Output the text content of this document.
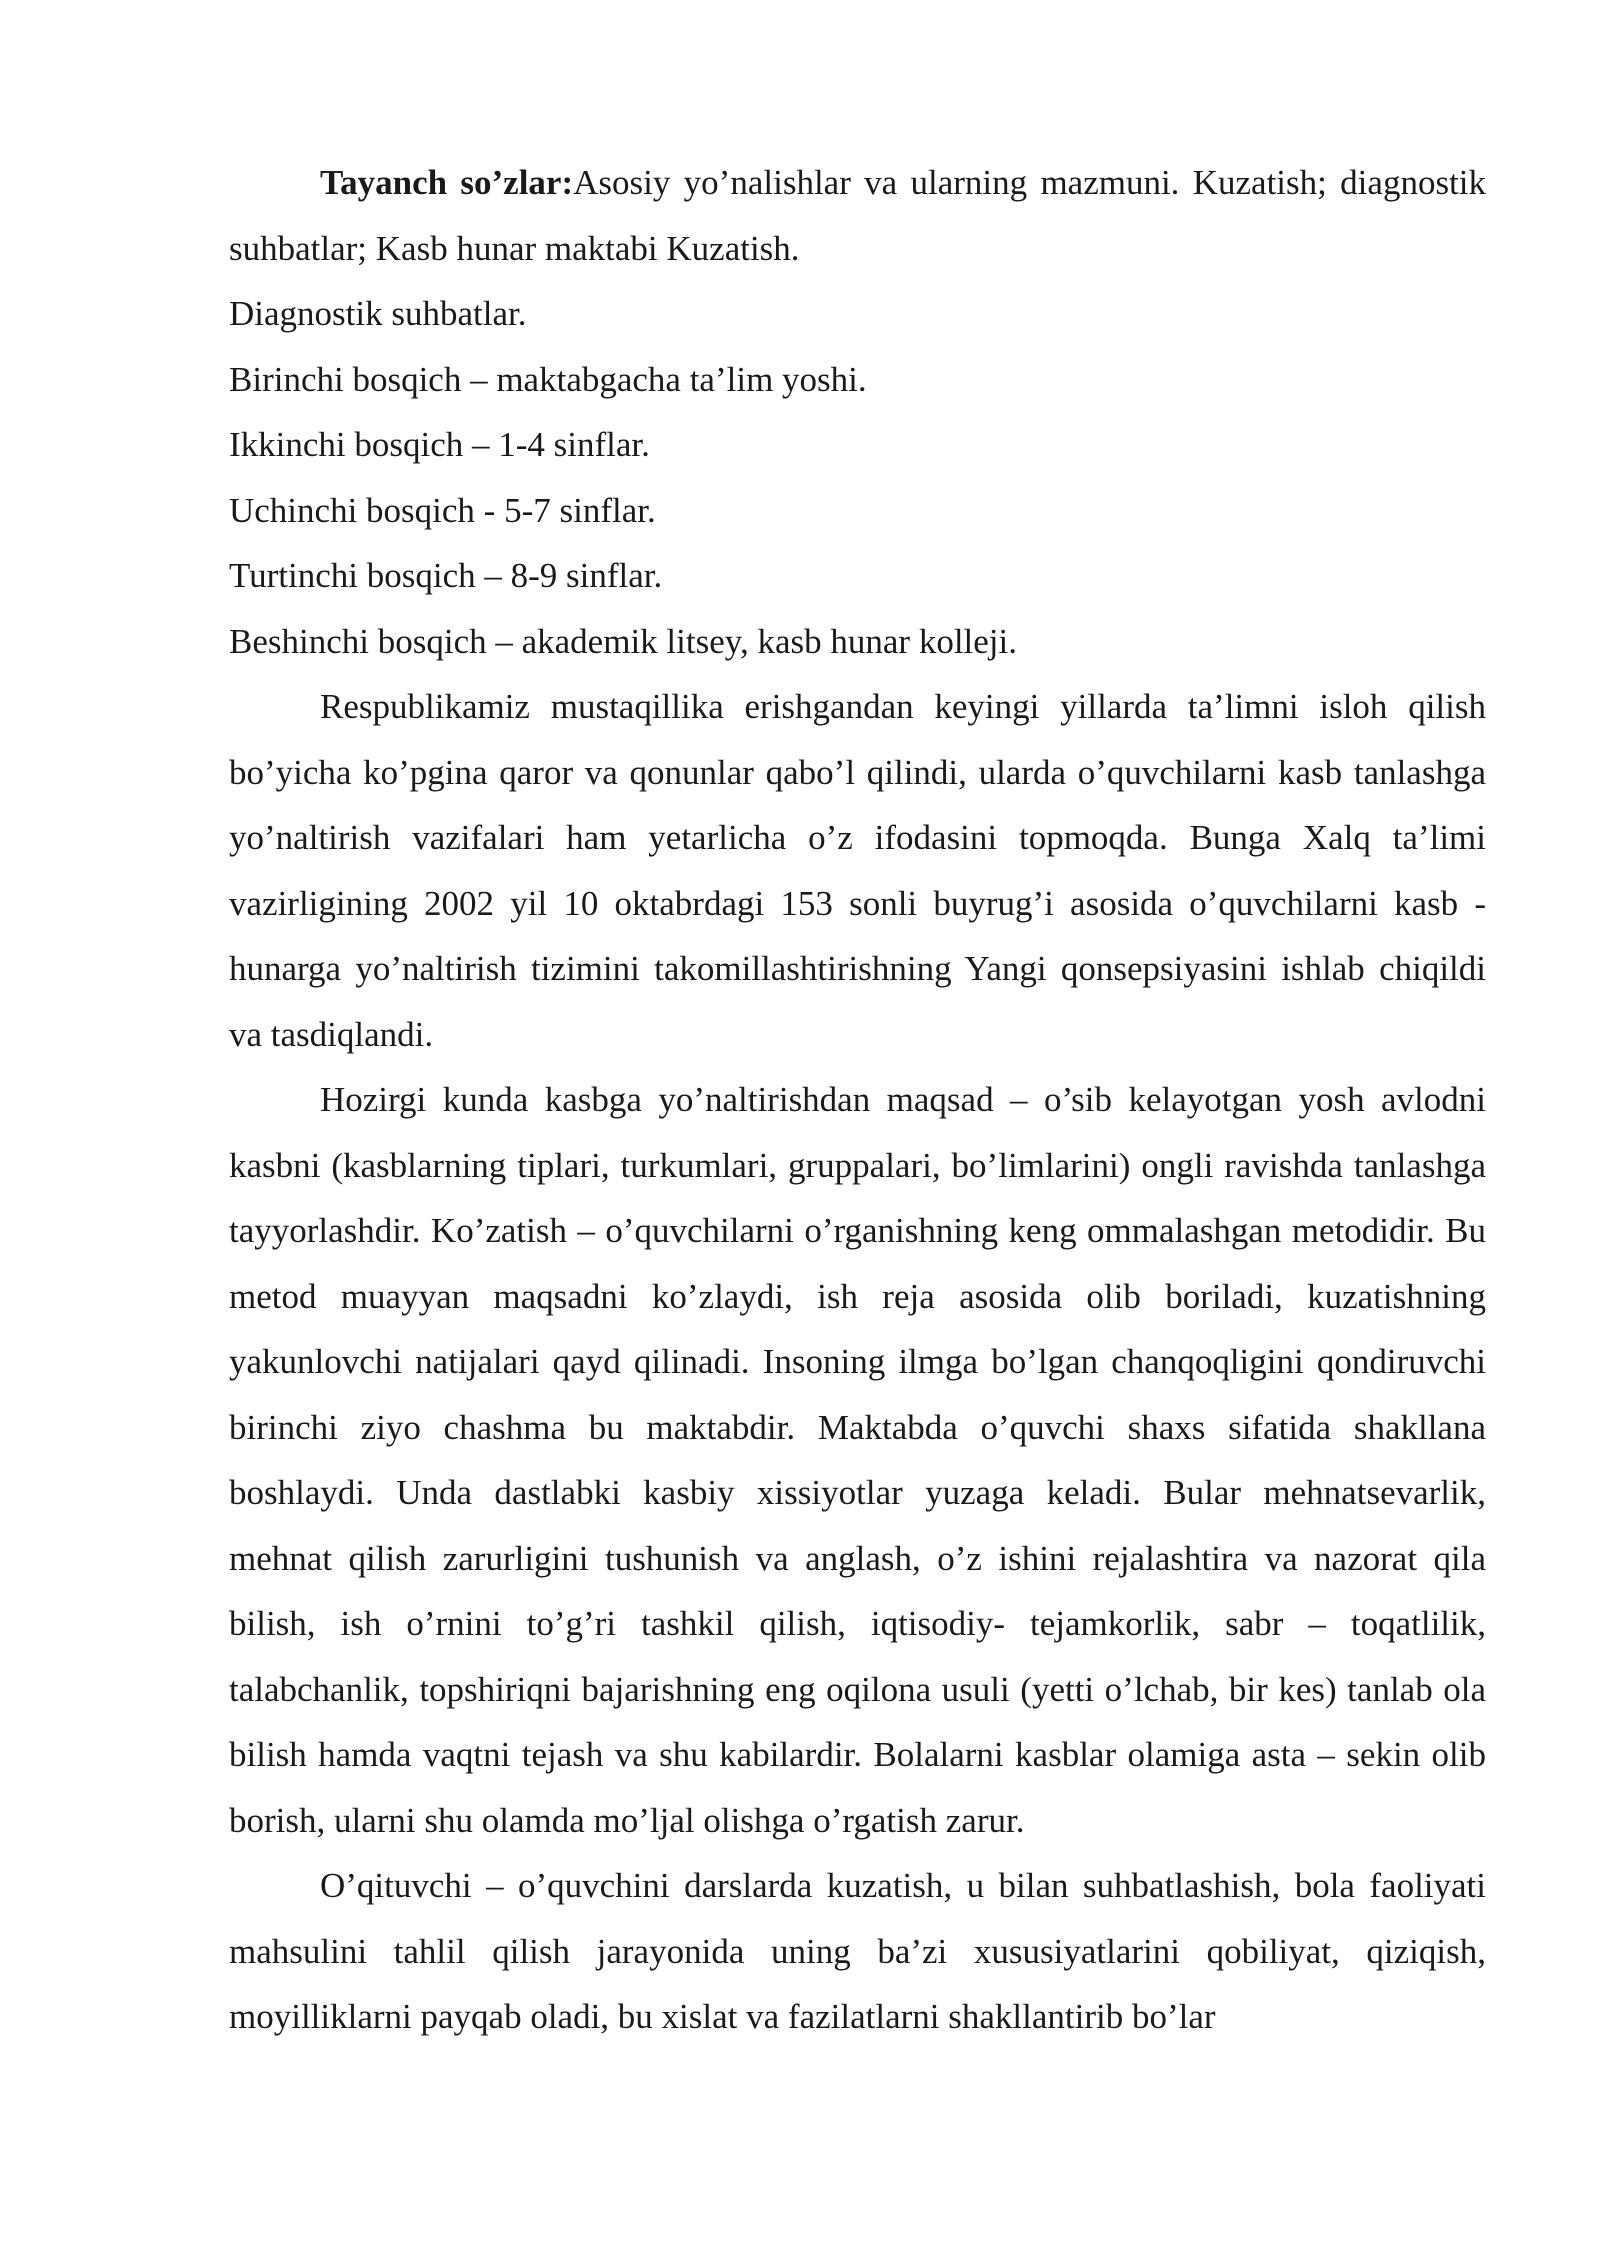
Tayanch so’zlar:Asosiy yo’nalishlar va ularning mazmuni. Kuzatish; diagnostik suhbatlar; Kasb hunar maktabi Kuzatish.

Diagnostik suhbatlar.

Birinchi bosqich – maktabgacha ta’lim yoshi.

Ikkinchi bosqich – 1-4 sinflar.

Uchinchi bosqich - 5-7 sinflar.

Turtinchi bosqich – 8-9 sinflar.

Beshinchi bosqich – akademik litsey, kasb hunar kolleji.

Respublikamiz mustaqillika erishgandan keyingi yillarda ta’limni isloh qilish bo’yicha ko’pgina qaror va qonunlar qabo’l qilindi, ularda o’quvchilarni kasb tanlashga yo’naltirish vazifalari ham yetarlicha o’z ifodasini topmoqda. Bunga Xalq ta’limi vazirligining 2002 yil 10 oktabrdagi 153 sonli buyrug’i asosida o’quvchilarni kasb - hunarga yo’naltirish tizimini takomillashtirishning Yangi qonsepsiyasini ishlab chiqildi va tasdiqlandi.

Hozirgi kunda kasbga yo’naltirishdan maqsad – o’sib kelayotgan yosh avlodni kasbni (kasblarning tiplari, turkumlari, gruppalari, bo’limlarini) ongli ravishda tanlashga tayyorlashdir. Ko’zatish – o’quvchilarni o’rganishning keng ommalashgan metodidir. Bu metod muayyan maqsadni ko’zlaydi, ish reja asosida olib boriladi, kuzatishning yakunlovchi natijalari qayd qilinadi. Insoning ilmga bo’lgan chanqoqligini qondiruvchi birinchi ziyo chashma bu maktabdir. Maktabda o’quvchi shaxs sifatida shakllana boshlaydi. Unda dastlabki kasbiy xissiyotlar yuzaga keladi. Bular mehnatsevarlik, mehnat qilish zarurligini tushunish va anglash, o’z ishini rejalashtira va nazorat qila bilish, ish o’rnini to’g’ri tashkil qilish, iqtisodiy- tejamkorlik, sabr – toqatlilik, talabchanlik, topshiriqni bajarishning eng oqilona usuli (yetti o’lchab, bir kes) tanlab ola bilish hamda vaqtni tejash va shu kabilardir. Bolalarni kasblar olamiga asta – sekin olib borish, ularni shu olamda mo’ljal olishga o’rgatish zarur.

O’qituvchi – o’quvchini darslarda kuzatish, u bilan suhbatlashish, bola faoliyati mahsulini tahlil qilish jarayonida uning ba’zi xususiyatlarini qobiliyat, qiziqish, moyilliklarni payqab oladi, bu xislat va fazilatlarni shakllantirib bo’lar
